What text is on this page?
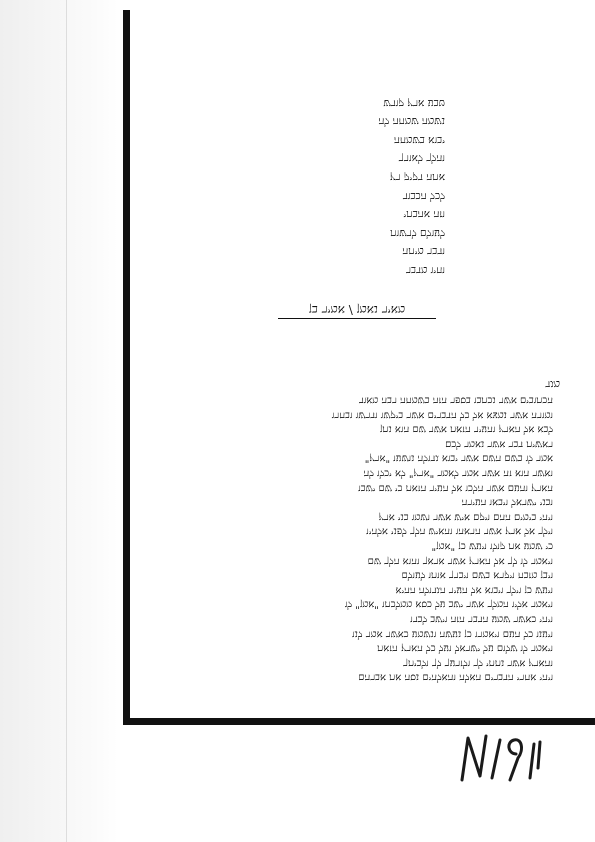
וחיו מדבר
ודבר מיתה
לעולם לרשות
וזה אהבתי
לכל הכבוד
אתה דקיק רץ
והלך לאורך
יבוא בשמחה
נשמה שמחה לה
טבע ארץ קודש
מאיר נאמן / אמיר בן
מגד
הכתובים אשר נכתבו בספר הזה בשמחה רבה מאוד
ומורה אשר נמצא אל כל הדברים אשר ביקשו ודרשו ובחרו
לבא אל הארץ והעיר הזאת אשר שם הוא נתן
ראשית דבר אשר נאמר לכם
אמר לו בשם השם אשר יבוא גדולה נושעו "ארץ"
ואשר הוא זה אשר אמר לאמר "ארץ" לא יכלו לה
הארץ והעם אשר הלכו אל העיר הזאת כי שם ישבו
ובני ישראל ויבאו העירה
ויהי בימים ההם ויקם איש אשר ושמו בני ארץ
וילך אל ארץ אשר הראהו והאיש הלך לפני אלהיו
כי שמע את קולו ויעש כן "אמן"
ויאמר לו לך אל הארץ אשר אראך והוא הלך שם
ויבן מזבח ויקרא בשם ויברך אותו לעולם
ויעש כן וילך ויבוא אל העיר הגדולה ההיא
ויאמר אליו המלך אשר ישב על כסא ממלכתו "אמן" לו
ויהי כאשר שמע הדבר הזה וישב לבדו
ויענו כל העם ויאמרו כן נעשה ונשמע כאשר אמר לנו
ויאמר לו שלום על ישראל ועל כל הארץ הזאת
והארץ אשר נתתי לך ולזרעך לך ולביתך
ויהי אחרי הדברים האלה והאלהים נסה את אברהם
